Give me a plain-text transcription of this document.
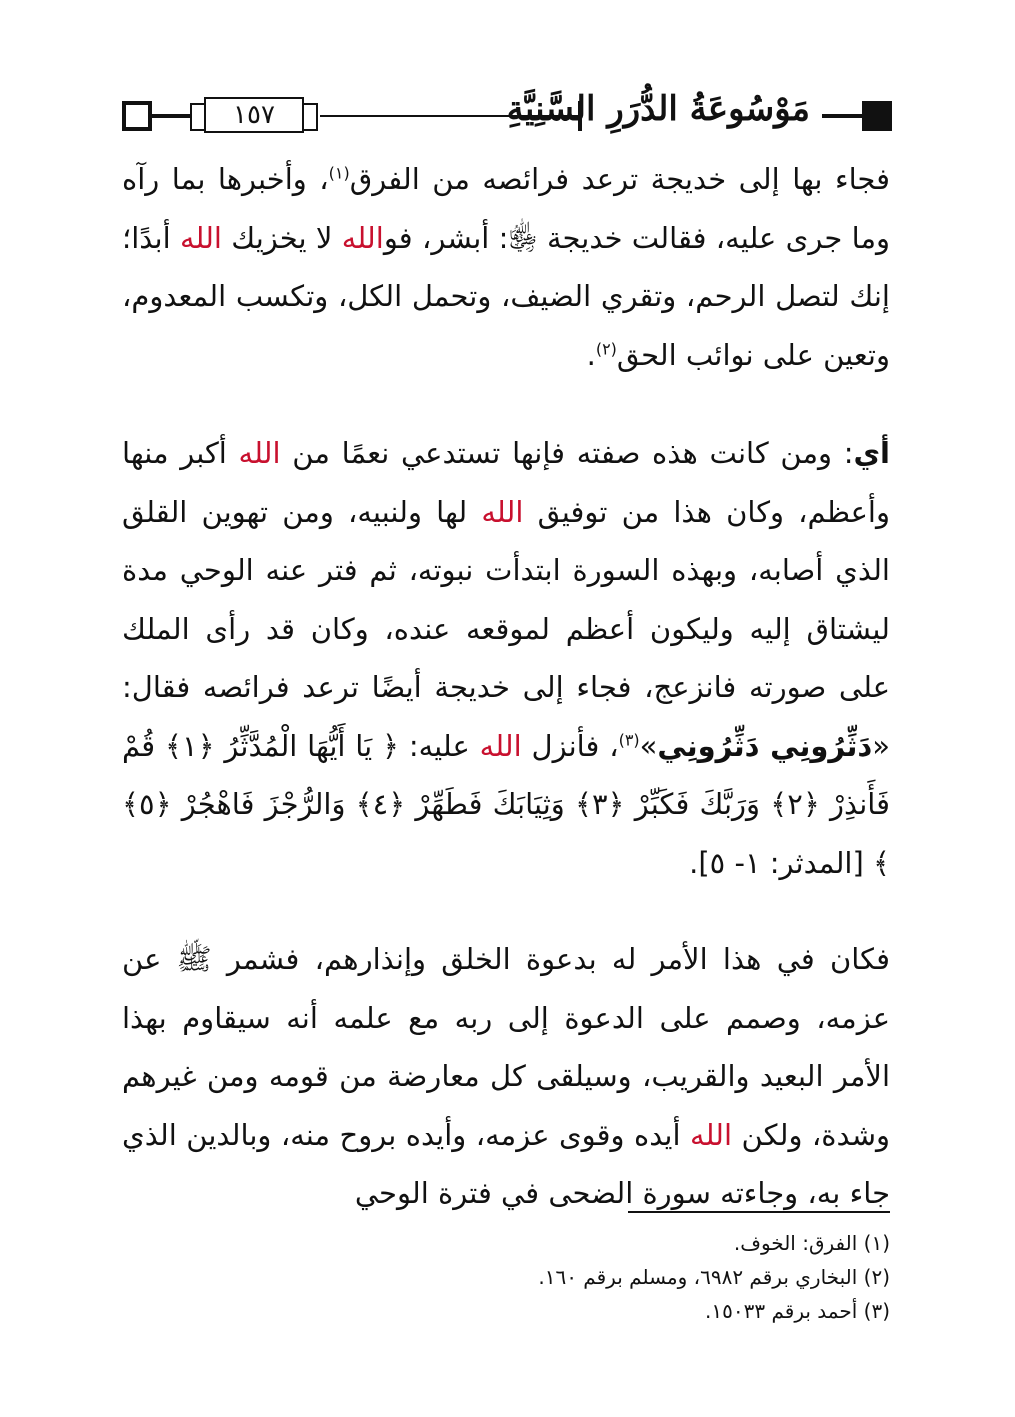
١٥٧	مَوْسُوعَةُ الدُّرَرِ السَّنِيَّةِ

فجاء بها إلى خديجة ترعد فرائصه من الفرق$^{(١)}$، وأخبرها بما رآه وما جرى عليه، فقالت خديجة ﵂: أبشر، فوالله لا يخزيك الله أبدًا؛ إنك لتصل الرحم، وتقري الضيف، وتحمل الكل، وتكسب المعدوم، وتعين على نوائب الحق$^{(٢)}$.

أي: ومن كانت هذه صفته فإنها تستدعي نعمًا من الله أكبر منها وأعظم، وكان هذا من توفيق الله لها ولنبيه، ومن تهوين القلق الذي أصابه، وبهذه السورة ابتدأت نبوته، ثم فتر عنه الوحي مدة ليشتاق إليه وليكون أعظم لموقعه عنده، وكان قد رأى الملك على صورته فانزعج، فجاء إلى خديجة أيضًا ترعد فرائصه فقال: «دَثِّرُونِي دَثِّرُونِي»$^{(٣)}$، فأنزل الله عليه: ﴿ يَا أَيُّهَا الْمُدَّثِّرُ ﴿١﴾ قُمْ فَأَنذِرْ ﴿٢﴾ وَرَبَّكَ فَكَبِّرْ ﴿٣﴾ وَثِيَابَكَ فَطَهِّرْ ﴿٤﴾ وَالرُّجْزَ فَاهْجُرْ ﴿٥﴾ ﴾ [المدثر: ١- ٥].

فكان في هذا الأمر له بدعوة الخلق وإنذارهم، فشمر ﷺ عن عزمه، وصمم على الدعوة إلى ربه مع علمه أنه سيقاوم بهذا الأمر البعيد والقريب، وسيلقى كل معارضة من قومه ومن غيرهم وشدة، ولكن الله أيده وقوى عزمه، وأيده بروح منه، وبالدين الذي جاء به، وجاءته سورة الضحى في فترة الوحي

(١) الفرق: الخوف.
(٢) البخاري برقم ٦٩٨٢، ومسلم برقم ١٦٠.
(٣) أحمد برقم ١٥٠٣٣.
